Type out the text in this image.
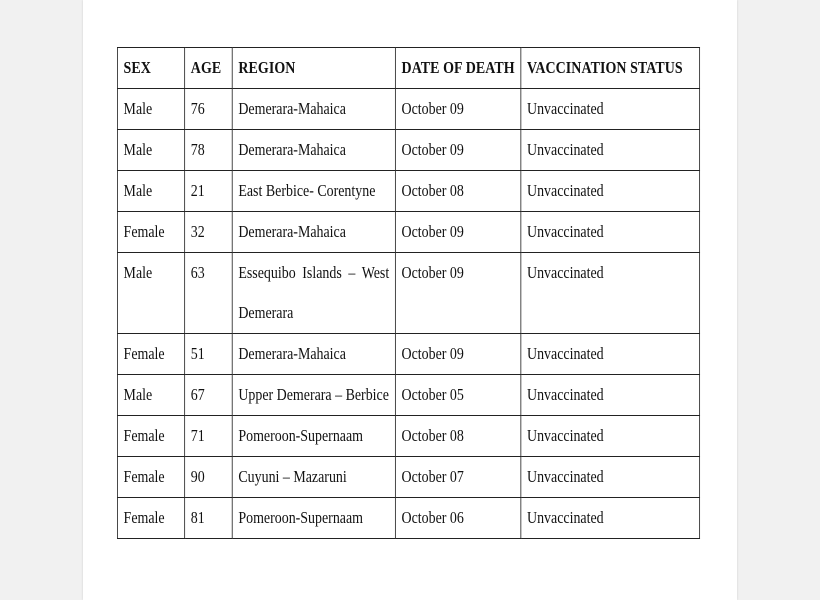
SEX	AGE	REGION	DATE OF DEATH	VACCINATION STATUS
Male	76	Demerara-Mahaica	October 09	Unvaccinated
Male	78	Demerara-Mahaica	October 09	Unvaccinated
Male	21	East Berbice- Corentyne	October 08	Unvaccinated
Female	32	Demerara-Mahaica	October 09	Unvaccinated
Male	63	Essequibo Islands – West Demerara	October 09	Unvaccinated
Female	51	Demerara-Mahaica	October 09	Unvaccinated
Male	67	Upper Demerara – Berbice	October 05	Unvaccinated
Female	71	Pomeroon-Supernaam	October 08	Unvaccinated
Female	90	Cuyuni – Mazaruni	October 07	Unvaccinated
Female	81	Pomeroon-Supernaam	October 06	Unvaccinated
